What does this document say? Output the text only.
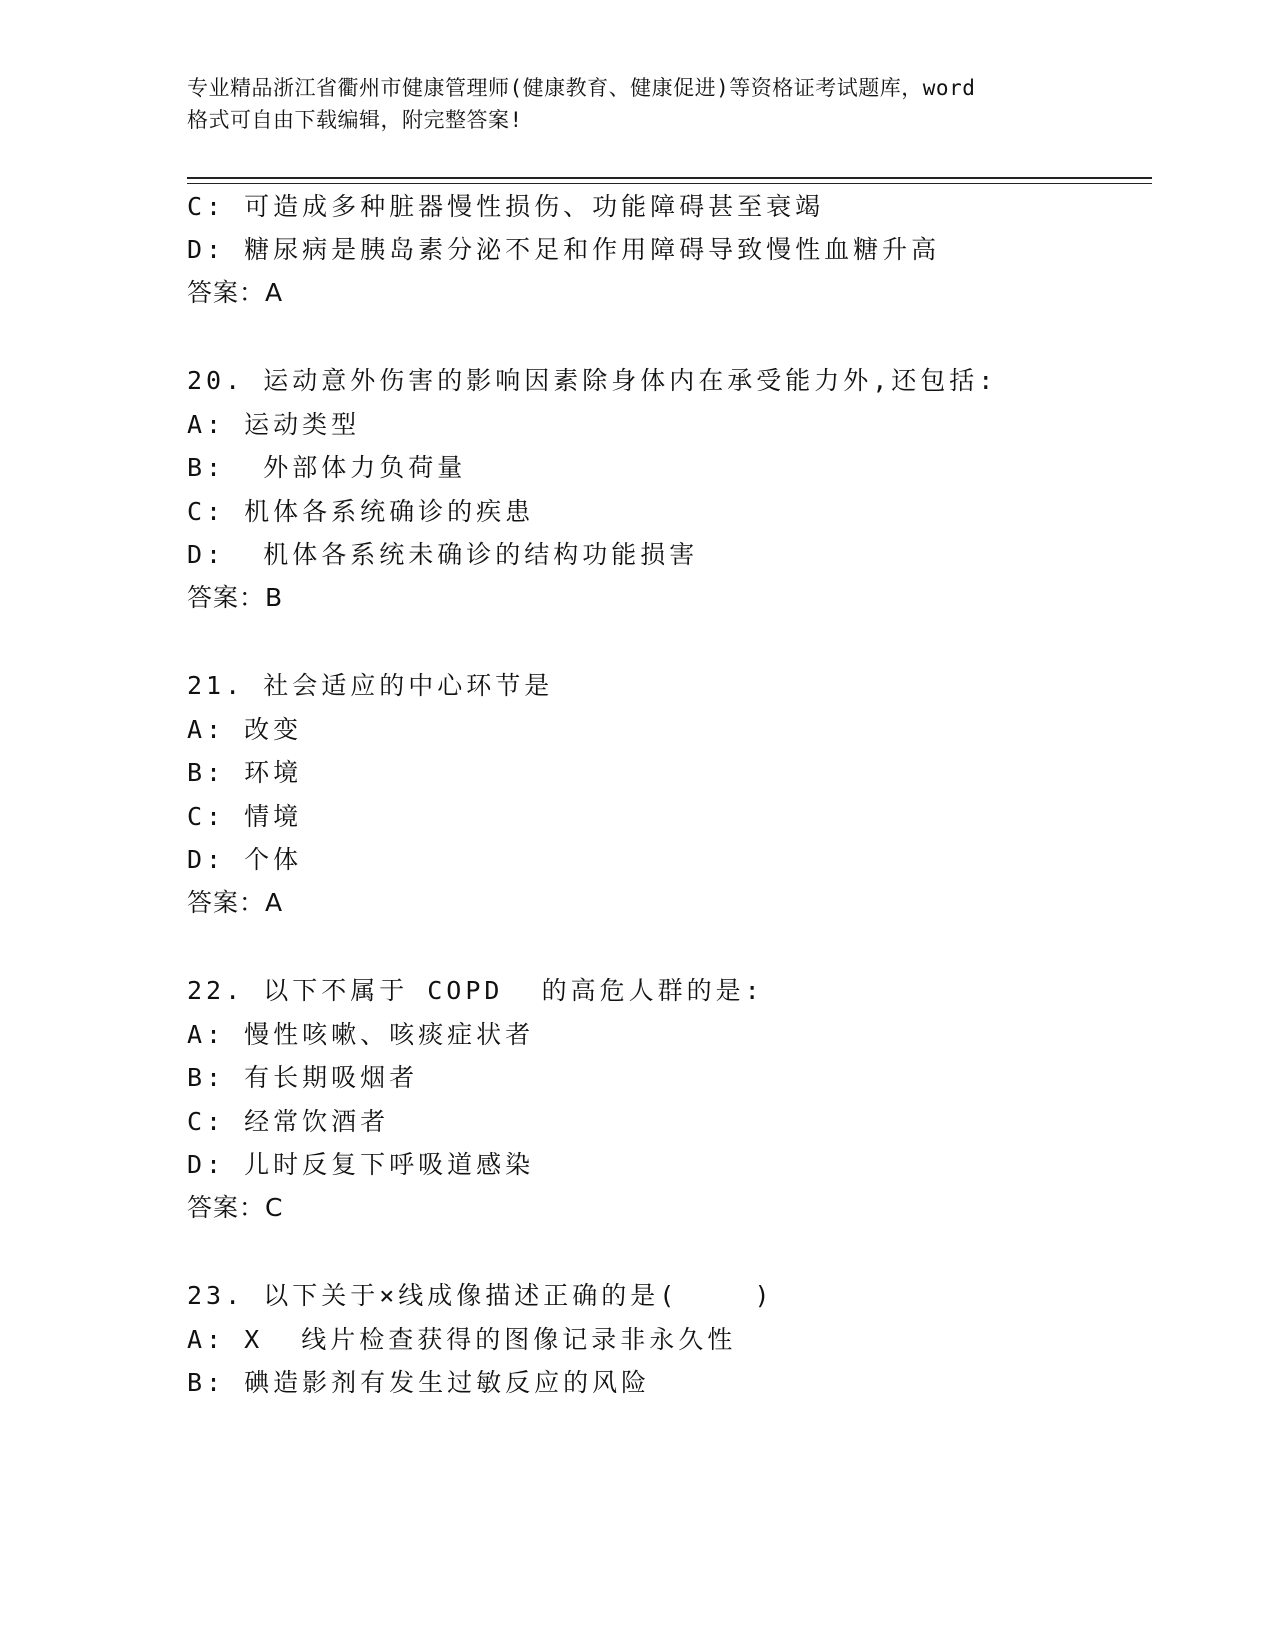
专业精品浙江省衢州市健康管理师(健康教育、健康促进)等资格证考试题库，word
格式可自由下载编辑，附完整答案!
C: 可造成多种脏器慢性损伤、功能障碍甚至衰竭
D: 糖尿病是胰岛素分泌不足和作用障碍导致慢性血糖升高
答案：A
20. 运动意外伤害的影响因素除身体内在承受能力外,还包括:
A: 运动类型
B:  外部体力负荷量
C: 机体各系统确诊的疾患
D:  机体各系统未确诊的结构功能损害
答案：B
21. 社会适应的中心环节是
A: 改变
B: 环境
C: 情境
D: 个体
答案：A
22. 以下不属于 COPD  的高危人群的是:
A: 慢性咳嗽、咳痰症状者
B: 有长期吸烟者
C: 经常饮酒者
D: 儿时反复下呼吸道感染
答案：C
23. 以下关于×线成像描述正确的是(    )
A: X  线片检查获得的图像记录非永久性
B: 碘造影剂有发生过敏反应的风险
